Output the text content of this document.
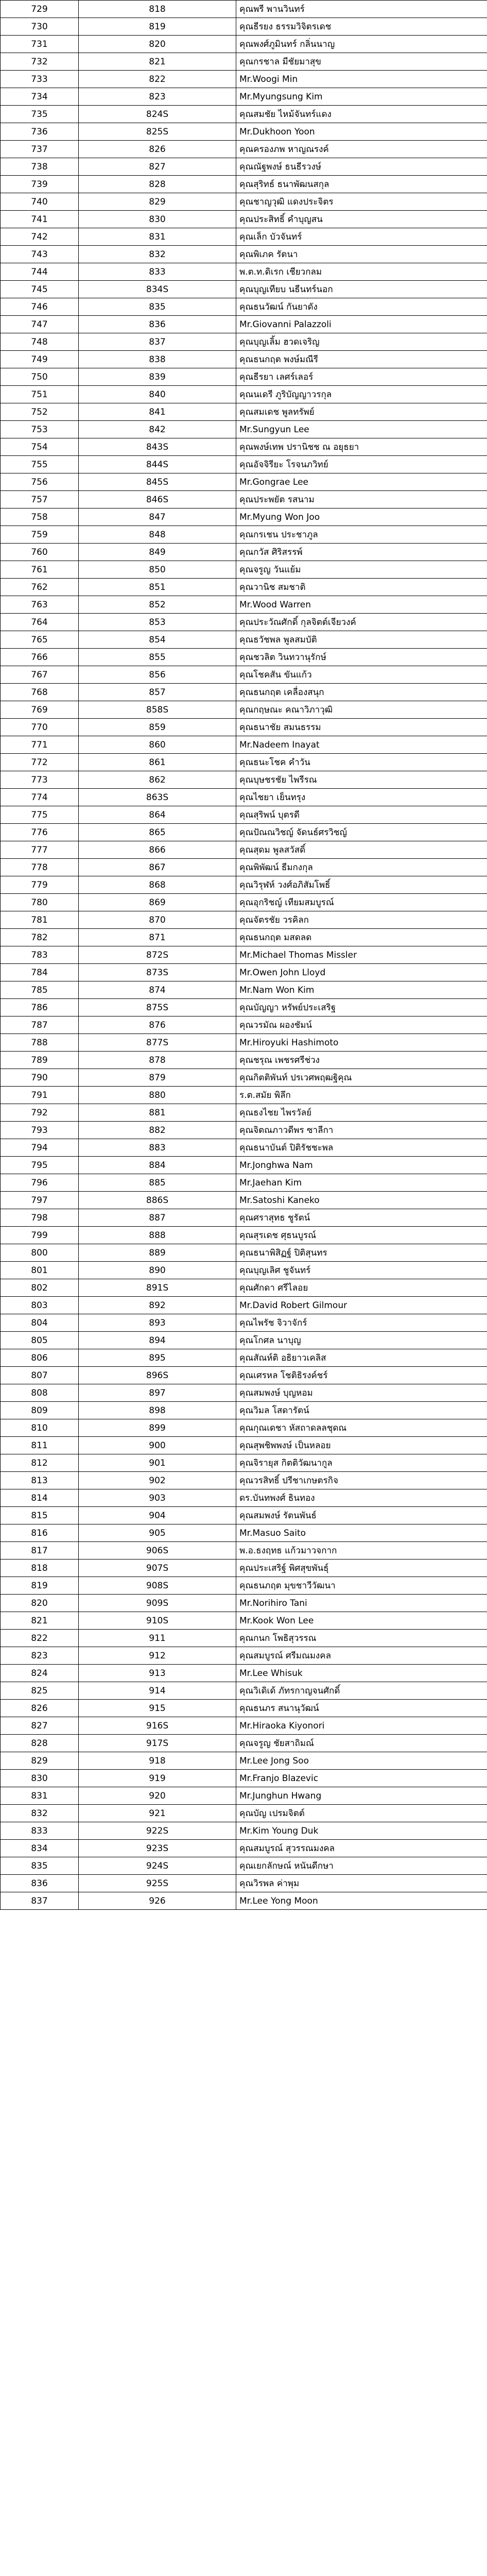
729	818	คุณพรี พานวินทร์
730	819	คุณธีรยง ธรรมวิจิตรเดช
731	820	คุณพงศ์ภูมินทร์ กลิ่นนาญ
732	821	คุณกรชาล มีชัยมาสุข
733	822	Mr.Woogi Min
734	823	Mr.Myungsung Kim
735	824S	คุณสมชัย ไหม้จันทร์แดง
736	825S	Mr.Dukhoon Yoon
737	826	คุณครองภพ หาญณรงค์
738	827	คุณณัฐพงษ์ ธนธีรวงษ์
739	828	คุณสุริทธ์ ธนาพัฒนสกุล
740	829	คุณชาญวุฒิ แดงประจิตร
741	830	คุณประสิทธิ์ คำบุญสน
742	831	คุณเล็ก บัวจันทร์
743	832	คุณพิเภค รัตนา
744	833	พ.ต.ท.ดิเรก เชียวกลม
745	834S	คุณบุญเทียบ นธีนทร์นอก
746	835	คุณธนวัฒน์ กันยาดัง
747	836	Mr.Giovanni Palazzoli
748	837	คุณบุญเลิ้ม ฮวดเจริญ
749	838	คุณธนกฤต พงษ์มณีรี
750	839	คุณธีรยา เลศร์เลอร์
751	840	คุณนเดรี ภูริบัญญาวรกุล
752	841	คุณสมเดช พูลทรัพย์
753	842	Mr.Sungyun Lee
754	843S	คุณพงษ์เทพ ปรานิชช ณ อยุธยา
755	844S	คุณอัจจิรียะ โรจนภวิทย์
756	845S	Mr.Gongrae Lee
757	846S	คุณประพยัต รสนาม
758	847	Mr.Myung Won Joo
759	848	คุณกรเชน ประชาภูล
760	849	คุณกวัส ศิริสรรพ์
761	850	คุณจรูญ วันแย้ม
762	851	คุณวานิช สมชาติ
763	852	Mr.Wood Warren
764	853	คุณประวัณศักดิ์ กุลจิตต์เจียวงค์
765	854	คุณธวัชพล พูลสมบัติ
766	855	คุณชวลิต วินทวานุรักษ์
767	856	คุณโชคสัน ขันแก้ว
768	857	คุณธนกฤต เคลื่องสนุก
769	858S	คุณกฤษณะ คณาวิภาวุฒิ
770	859	คุณธนาชัย สมนธรรม
771	860	Mr.Nadeem Inayat
772	861	คุณธนะโชค คำวัน
773	862	คุณบุษชรชัย ไพรีรณ
774	863S	คุณไชยา เย็นทรุง
775	864	คุณสุริพน์ บุตรดี
776	865	คุณปัณณวิชญ์ จัดนธ์ศรวิชญ์
777	866	คุณสุดม พูลสวัสดิ์
778	867	คุณพิพัฒน์ ธีมกงกุล
779	868	คุณวิรุฬห์ วงศ์อภิสัมโพธิ์
780	869	คุณอุกริชญ์ เทียมสมบูรณ์
781	870	คุณจัตรชัย วรคิลก
782	871	คุณธนกฤต มสดลด
783	872S	Mr.Michael Thomas Missler
784	873S	Mr.Owen John Lloyd
785	874	Mr.Nam Won Kim
786	875S	คุณบัญญา หรัพย์ประเสริฐ
787	876	คุณวรมัณ ผองชัมน์
788	877S	Mr.Hiroyuki Hashimoto
789	878	คุณชรุณ เพชรศรีช่วง
790	879	คุณกิตติพันท์ ปรเวศพฤฒฐิคุณ
791	880	ร.ต.สมัย พิลึก
792	881	คุณธงไชย ไพรวัลย์
793	882	คุณจิตณภาวดีพร ซาลีกา
794	883	คุณธนาบันต์ ปิติรัชชะพล
795	884	Mr.Jonghwa Nam
796	885	Mr.Jaehan Kim
797	886S	Mr.Satoshi Kaneko
798	887	คุณศราสุทธ ชูรัตน์
799	888	คุณสุรเดช ศุธนบูรณ์
800	889	คุณธนาพิสิฏฐ์ ปิติสุนทร
801	890	คุณบุญเลิศ ชูจันทร์
802	891S	คุณศักดา ศรีไลอย
803	892	Mr.David Robert Gilmour
804	893	คุณไพรัช จิวาจักร์
805	894	คุณโกศล นาบุญ
806	895	คุณสัณห์ติ อธิยาวเคลิส
807	896S	คุณเศรหล โชติธิรงค์ชร์
808	897	คุณสมพงษ์ บุญหอม
809	898	คุณวิมล โสดารัตน์
810	899	คุณกุณเดชา หัสถาดลลชุดณ
811	900	คุณสุพชิพพงษ์ เป็นหลอย
812	901	คุณจิรายุส กิตติวัฒนากูล
813	902	คุณวรสิทธิ์ ปรีชาเกษตรกิจ
814	903	ดร.บันทพงศ์ ธินทอง
815	904	คุณสมพงษ์ รัตนพันธ์
816	905	Mr.Masuo Saito
817	906S	พ.อ.ธงฤทธ แก้วมาวจกาก
818	907S	คุณประเสริฐ์ พิศสุขพันธุ์
819	908S	คุณธนภฤต มุขชาวีวัฒนา
820	909S	Mr.Norihiro Tani
821	910S	Mr.Kook Won Lee
822	911	คุณกนก โพธิสุวรรณ
823	912	คุณสมบูรณ์ ศรีมณมงคล
824	913	Mr.Lee Whisuk
825	914	คุณวิเดิเด้ ภัทรกาญจนศักดิ์
826	915	คุณธนภร สนานุวัฒน์
827	916S	Mr.Hiraoka Kiyonori
828	917S	คุณจรูญ ชัยสาถิมณ์
829	918	Mr.Lee Jong Soo
830	919	Mr.Franjo Blazevic
831	920	Mr.Junghun Hwang
832	921	คุณบัญ เปรมจิตต์
833	922S	Mr.Kim Young Duk
834	923S	คุณสมบูรณ์ สุวรรณมงคล
835	924S	คุณเยกลักษณ์ หนันดีกษา
836	925S	คุณวิรพล ค่าพุม
837	926	Mr.Lee Yong Moon
